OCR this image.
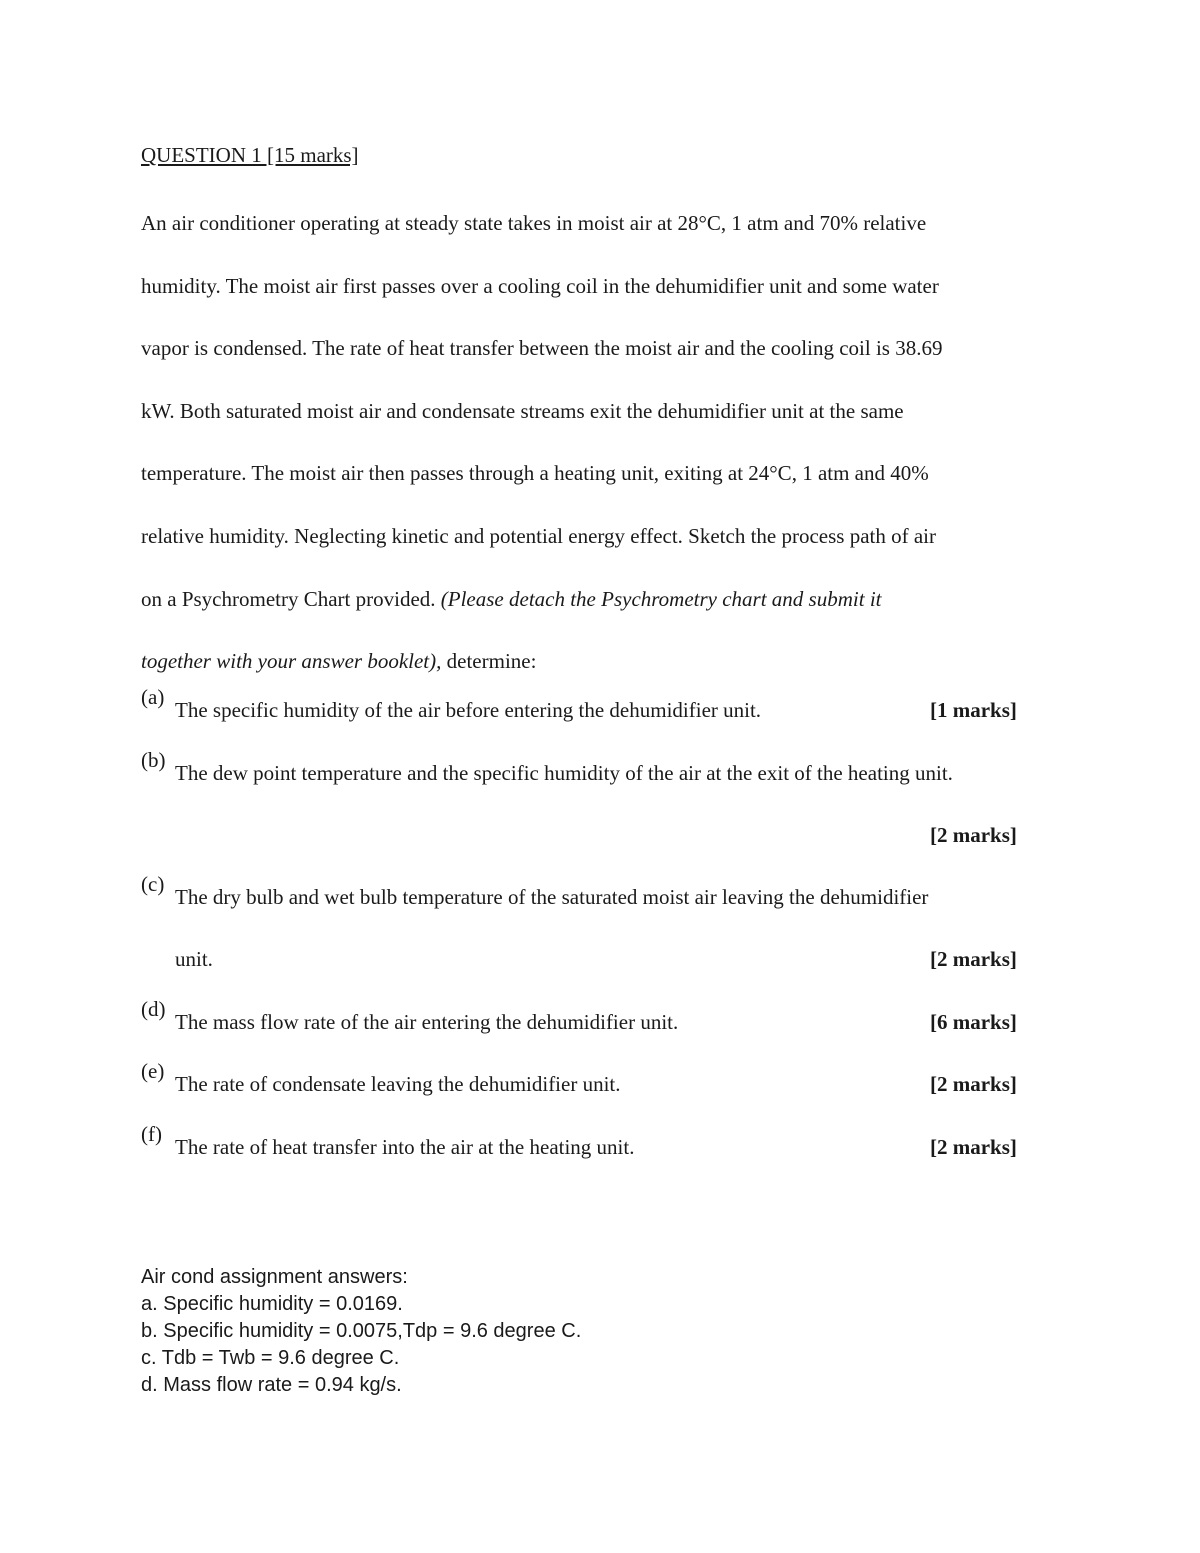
QUESTION 1 [15 marks]

An air conditioner operating at steady state takes in moist air at 28°C, 1 atm and 70% relative
humidity. The moist air first passes over a cooling coil in the dehumidifier unit and some water
vapor is condensed. The rate of heat transfer between the moist air and the cooling coil is 38.69
kW. Both saturated moist air and condensate streams exit the dehumidifier unit at the same
temperature. The moist air then passes through a heating unit, exiting at 24°C, 1 atm and 40%
relative humidity. Neglecting kinetic and potential energy effect. Sketch the process path of air
on a Psychrometry Chart provided. (Please detach the Psychrometry chart and submit it
together with your answer booklet), determine:

(a)
The specific humidity of the air before entering the dehumidifier unit.	[1 marks]
(b)
The dew point temperature and the specific humidity of the air at the exit of the heating unit.
[2 marks]
(c)
The dry bulb and wet bulb temperature of the saturated moist air leaving the dehumidifier
unit.	[2 marks]
(d)
The mass flow rate of the air entering the dehumidifier unit.	[6 marks]
(e)
The rate of condensate leaving the dehumidifier unit.	[2 marks]
(f)
The rate of heat transfer into the air at the heating unit.	[2 marks]
Air cond assignment answers:
a. Specific humidity = 0.0169.
b. Specific humidity = 0.0075,Tdp = 9.6 degree C.
c. Tdb = Twb = 9.6 degree C.
d. Mass flow rate = 0.94 kg/s.
